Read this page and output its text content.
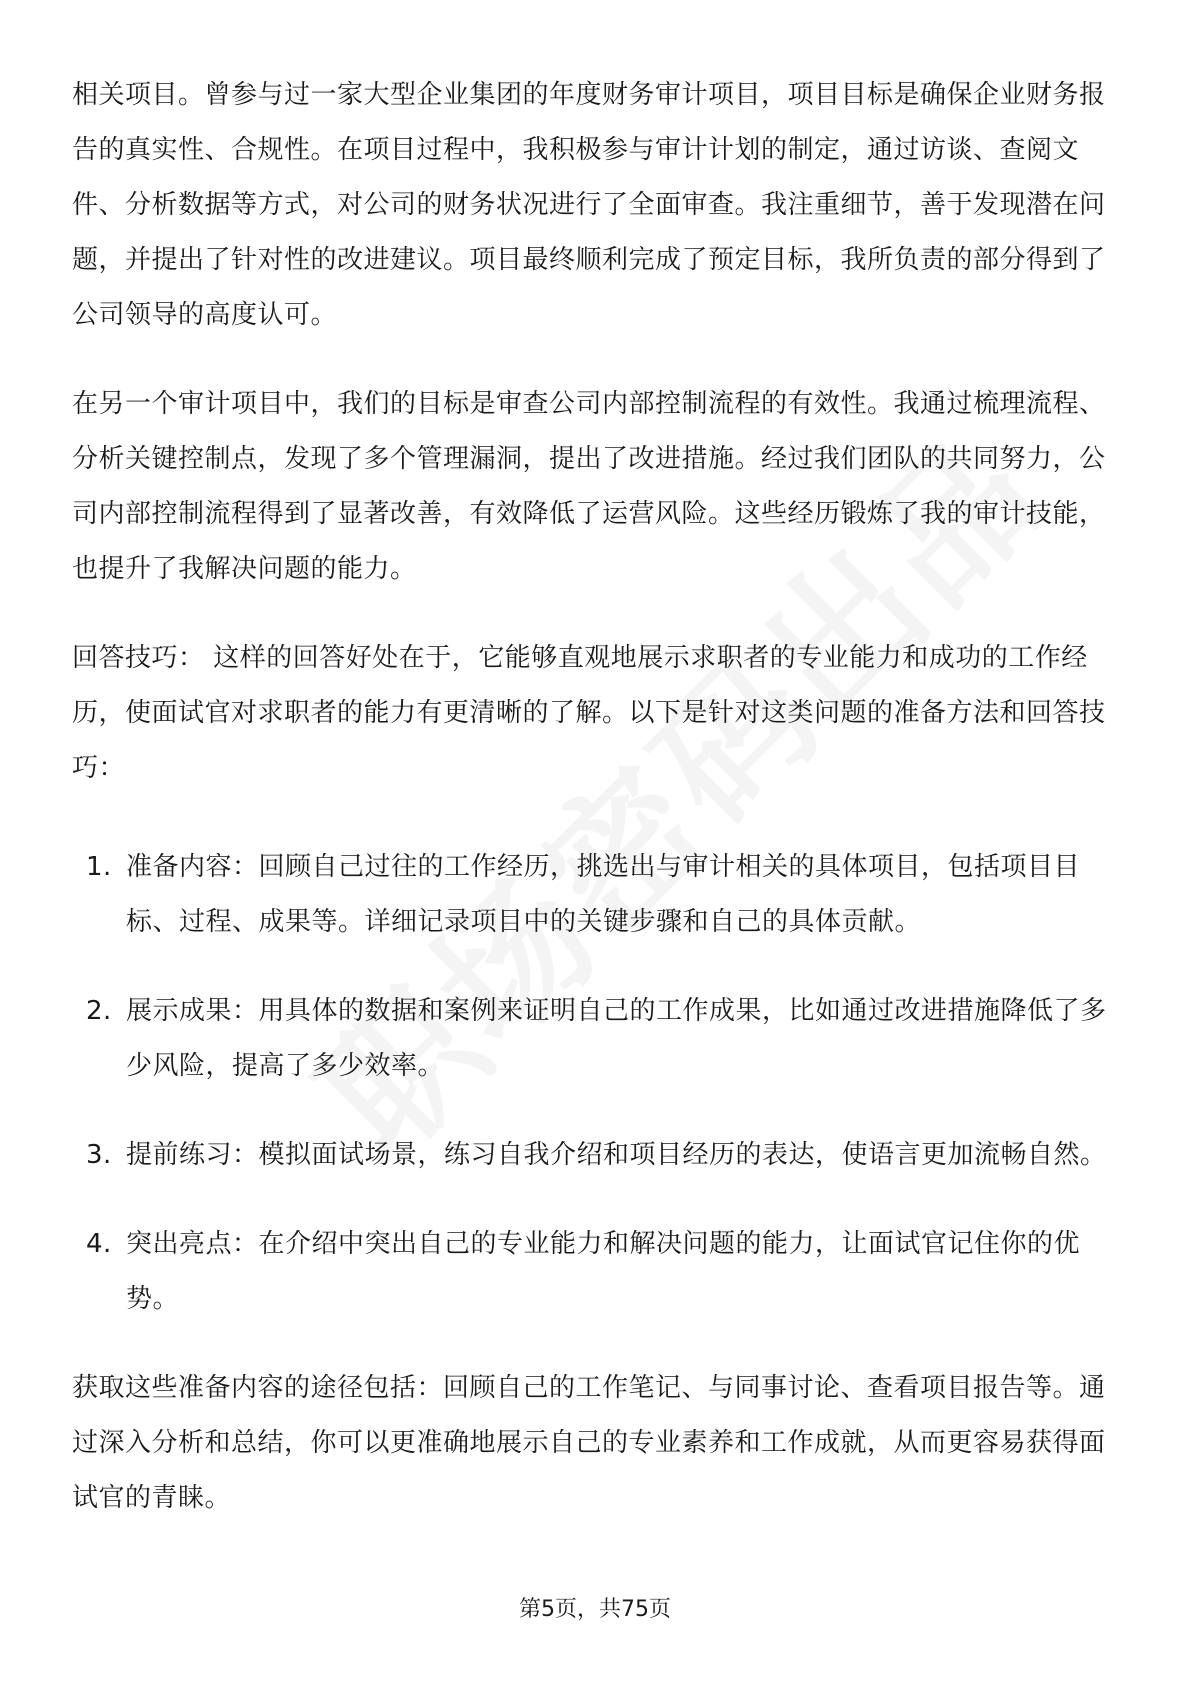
相关项目。曾参与过一家大型企业集团的年度财务审计项目，项目目标是确保企业财务报告的真实性、合规性。在项目过程中，我积极参与审计计划的制定，通过访谈、查阅文件、分析数据等方式，对公司的财务状况进行了全面审查。我注重细节，善于发现潜在问题，并提出了针对性的改进建议。项目最终顺利完成了预定目标，我所负责的部分得到了公司领导的高度认可。

在另一个审计项目中，我们的目标是审查公司内部控制流程的有效性。我通过梳理流程、分析关键控制点，发现了多个管理漏洞，提出了改进措施。经过我们团队的共同努力，公司内部控制流程得到了显著改善，有效降低了运营风险。这些经历锻炼了我的审计技能，也提升了我解决问题的能力。

回答技巧： 这样的回答好处在于，它能够直观地展示求职者的专业能力和成功的工作经历，使面试官对求职者的能力有更清晰的了解。以下是针对这类问题的准备方法和回答技巧：

1. 准备内容：回顾自己过往的工作经历，挑选出与审计相关的具体项目，包括项目目标、过程、成果等。详细记录项目中的关键步骤和自己的具体贡献。
2. 展示成果：用具体的数据和案例来证明自己的工作成果，比如通过改进措施降低了多少风险，提高了多少效率。
3. 提前练习：模拟面试场景，练习自我介绍和项目经历的表达，使语言更加流畅自然。
4. 突出亮点：在介绍中突出自己的专业能力和解决问题的能力，让面试官记住你的优势。

获取这些准备内容的途径包括：回顾自己的工作笔记、与同事讨论、查看项目报告等。通过深入分析和总结，你可以更准确地展示自己的专业素养和工作成就，从而更容易获得面试官的青睐。

第5页，共75页
